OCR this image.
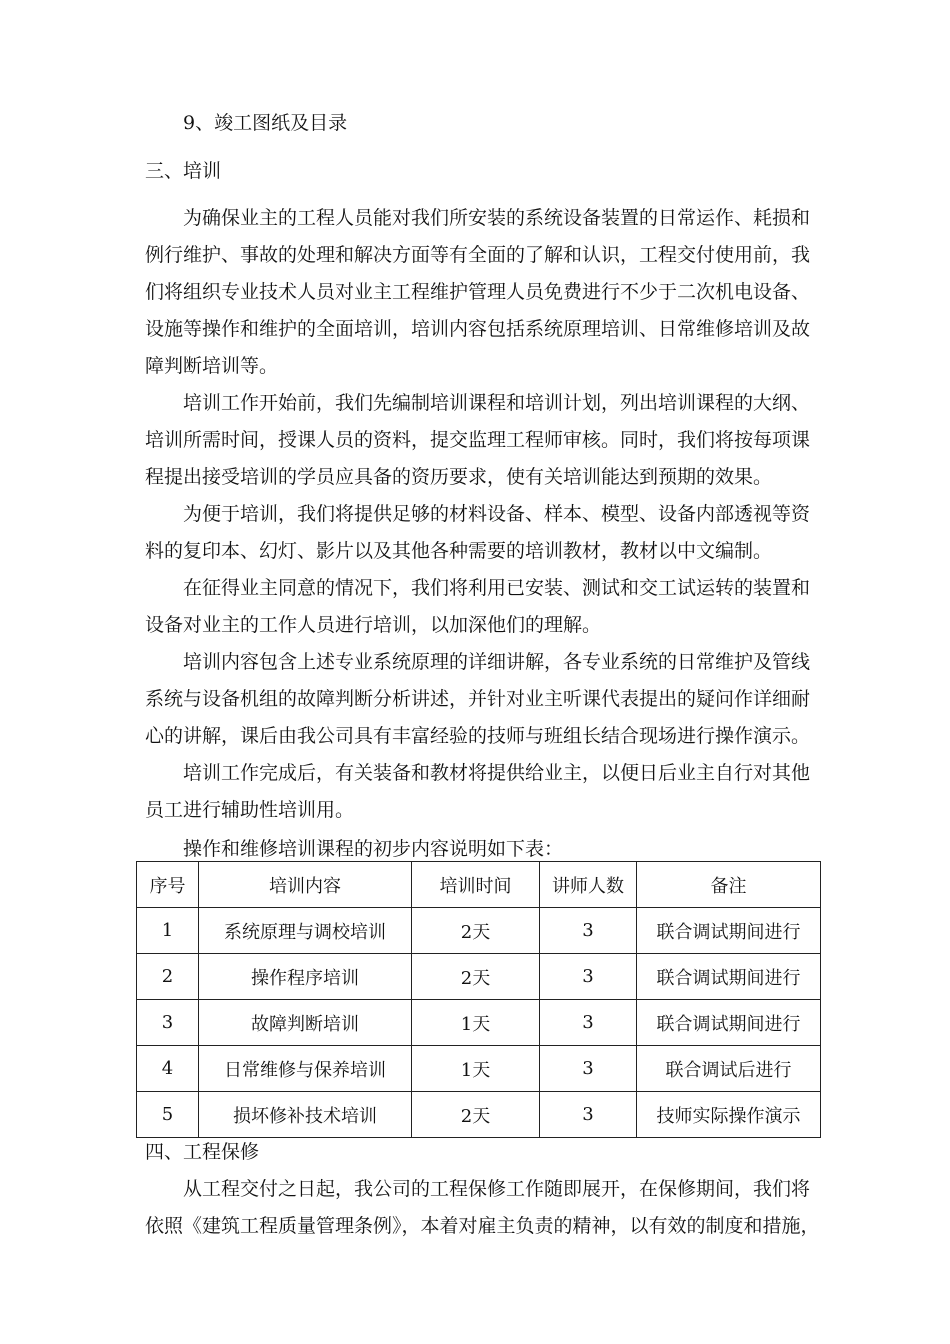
9、竣工图纸及目录

三、培训

为确保业主的工程人员能对我们所安装的系统设备装置的日常运作、耗损和

例行维护、事故的处理和解决方面等有全面的了解和认识，工程交付使用前，我

们将组织专业技术人员对业主工程维护管理人员免费进行不少于二次机电设备、

设施等操作和维护的全面培训，培训内容包括系统原理培训、日常维修培训及故

障判断培训等。

培训工作开始前，我们先编制培训课程和培训计划，列出培训课程的大纲、

培训所需时间，授课人员的资料，提交监理工程师审核。同时，我们将按每项课

程提出接受培训的学员应具备的资历要求，使有关培训能达到预期的效果。

为便于培训，我们将提供足够的材料设备、样本、模型、设备内部透视等资

料的复印本、幻灯、影片以及其他各种需要的培训教材，教材以中文编制。

在征得业主同意的情况下，我们将利用已安装、测试和交工试运转的装置和

设备对业主的工作人员进行培训，以加深他们的理解。

培训内容包含上述专业系统原理的详细讲解，各专业系统的日常维护及管线

系统与设备机组的故障判断分析讲述，并针对业主听课代表提出的疑问作详细耐

心的讲解，课后由我公司具有丰富经验的技师与班组长结合现场进行操作演示。

培训工作完成后，有关装备和教材将提供给业主，以便日后业主自行对其他

员工进行辅助性培训用。

操作和维修培训课程的初步内容说明如下表：

序号	培训内容	培训时间	讲师人数	备注
1	系统原理与调校培训	2天	3	联合调试期间进行
2	操作程序培训	2天	3	联合调试期间进行
3	故障判断培训	1天	3	联合调试期间进行
4	日常维修与保养培训	1天	3	联合调试后进行
5	损坏修补技术培训	2天	3	技师实际操作演示

四、工程保修

从工程交付之日起，我公司的工程保修工作随即展开，在保修期间，我们将

依照《建筑工程质量管理条例》，本着对雇主负责的精神，以有效的制度和措施，
